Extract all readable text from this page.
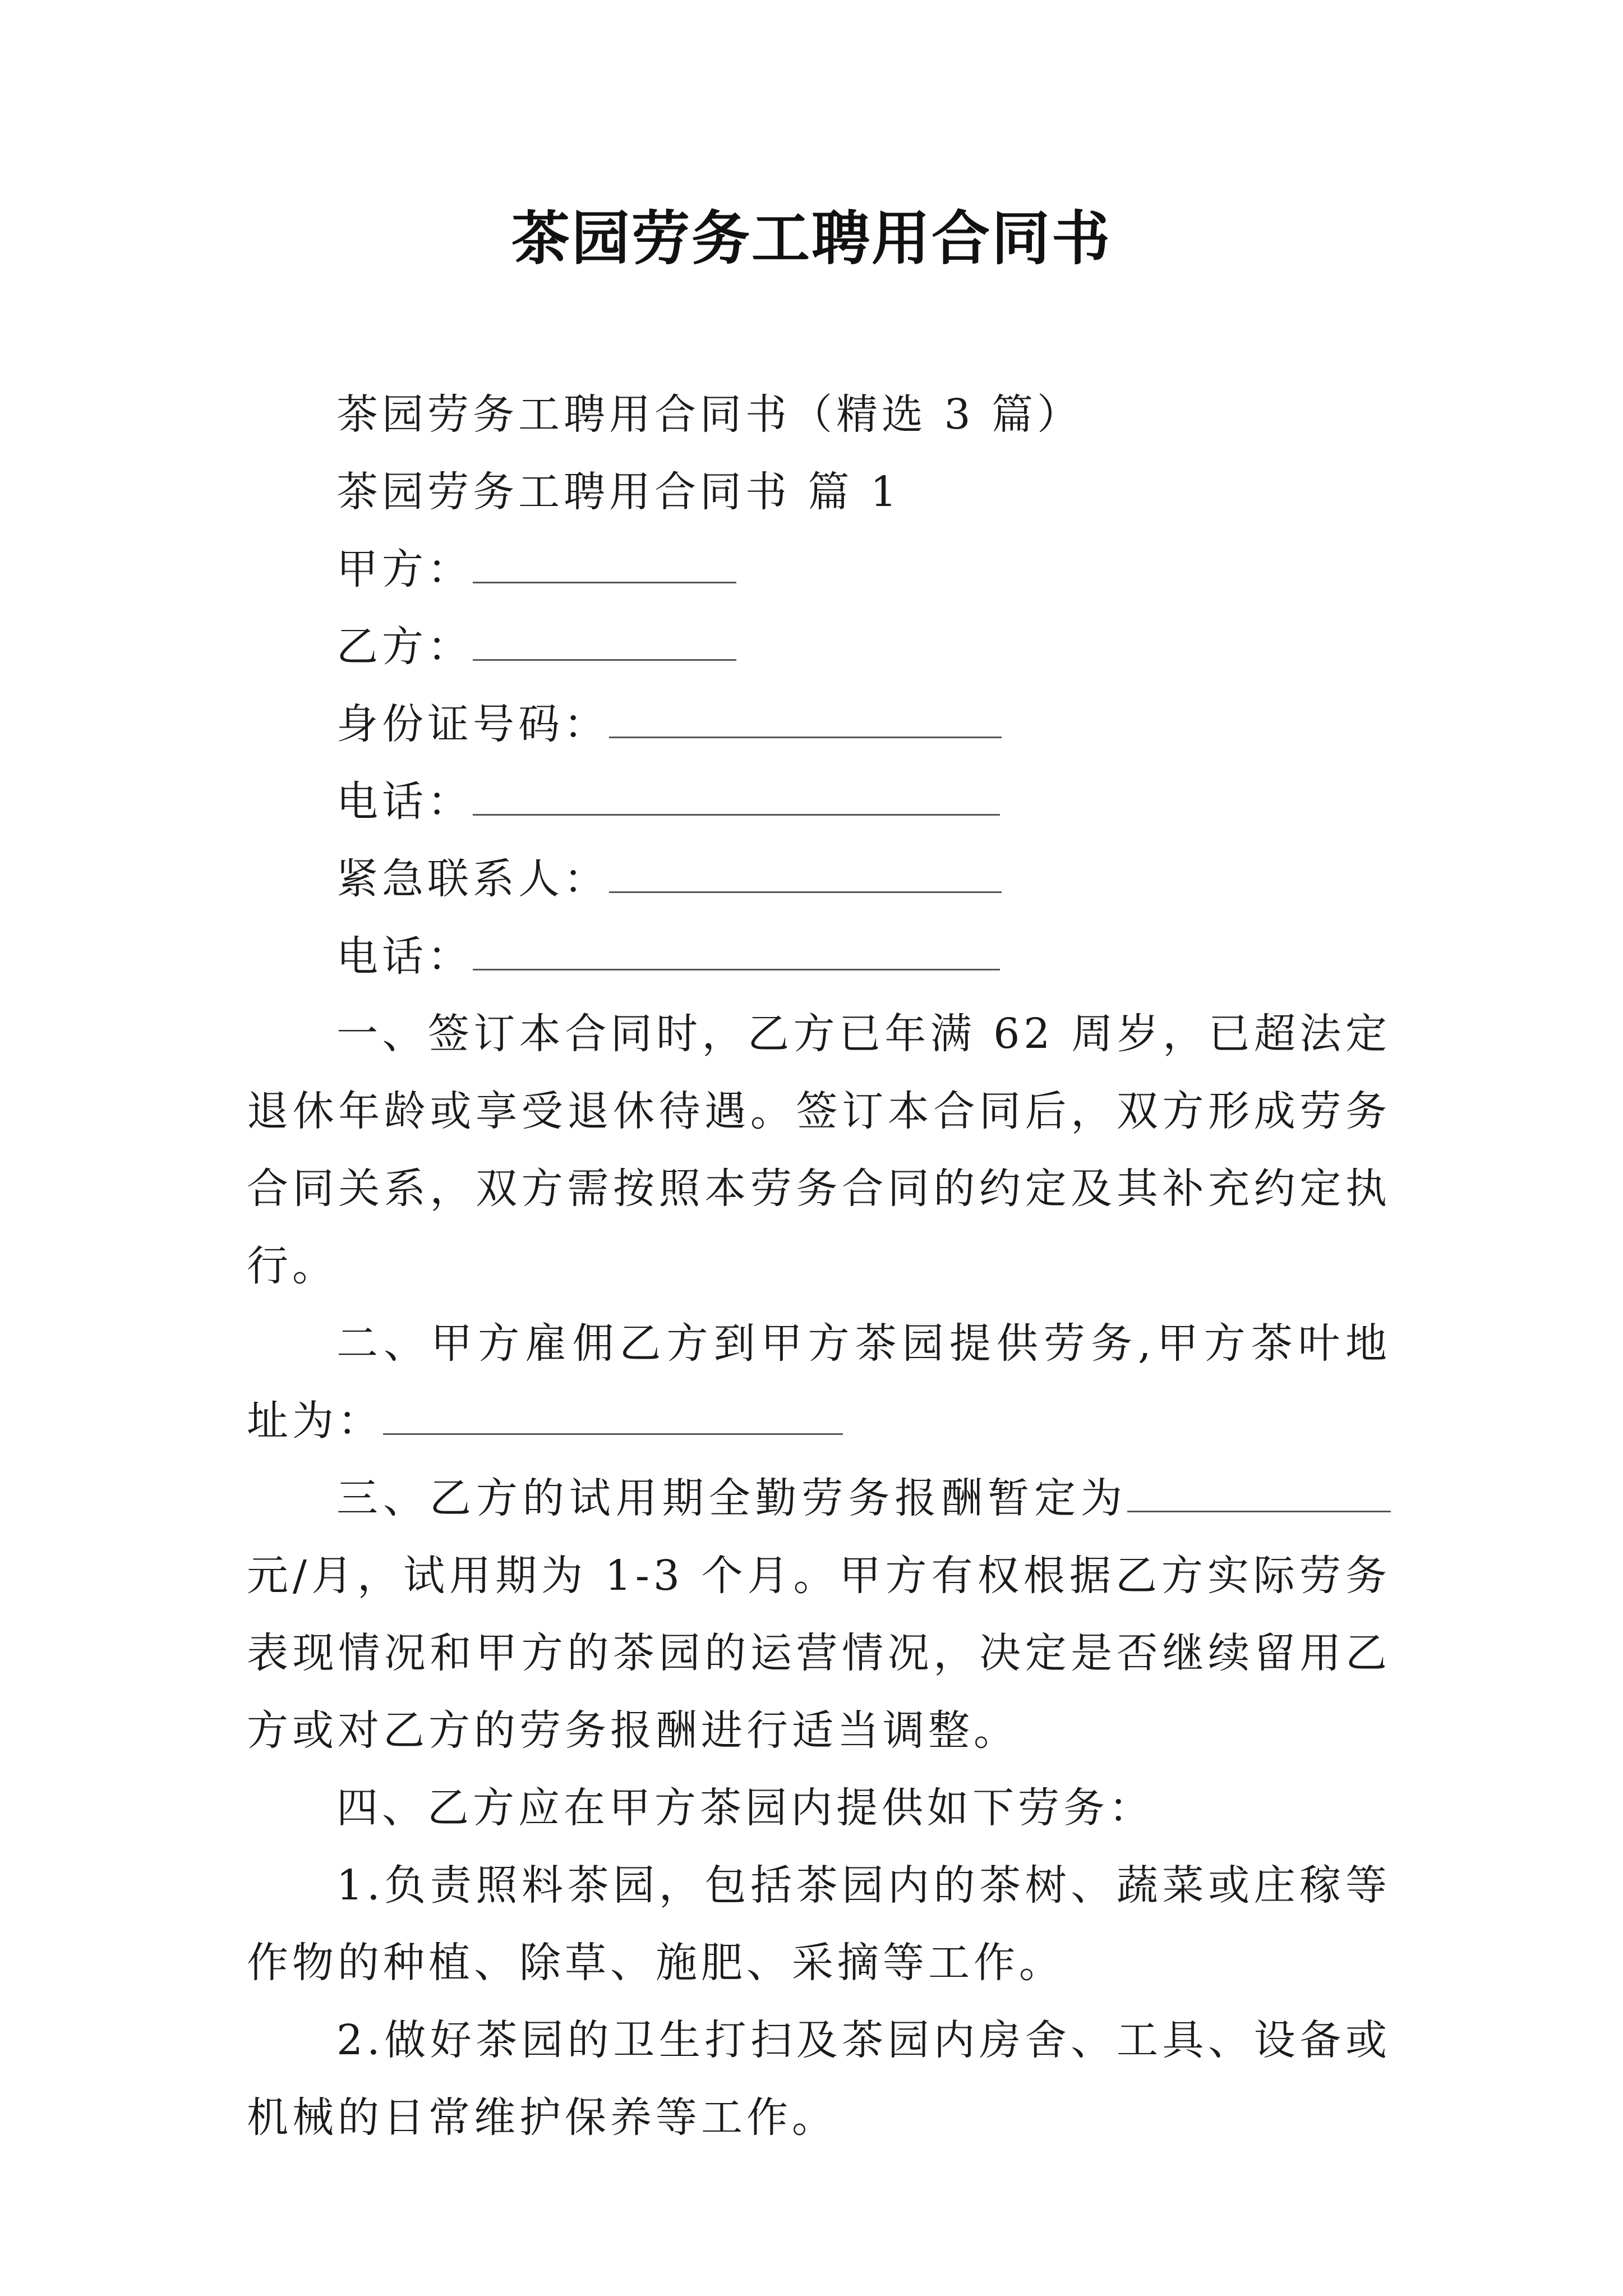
茶园劳务工聘用合同书

茶园劳务工聘用合同书（精选 3 篇）

茶园劳务工聘用合同书 篇 1

甲方：

乙方：

身份证号码：

电话：

紧急联系人：

电话：

一、签订本合同时，乙方已年满 62 周岁，已超法定退休年龄或享受退休待遇。签订本合同后，双方形成劳务合同关系，双方需按照本劳务合同的约定及其补充约定执行。

二、甲方雇佣乙方到甲方茶园提供劳务,甲方茶叶地址为：

三、乙方的试用期全勤劳务报酬暂定为元/月，试用期为 1-3 个月。甲方有权根据乙方实际劳务表现情况和甲方的茶园的运营情况，决定是否继续留用乙方或对乙方的劳务报酬进行适当调整。

四、乙方应在甲方茶园内提供如下劳务：

1.负责照料茶园，包括茶园内的茶树、蔬菜或庄稼等作物的种植、除草、施肥、采摘等工作。

2.做好茶园的卫生打扫及茶园内房舍、工具、设备或机械的日常维护保养等工作。
